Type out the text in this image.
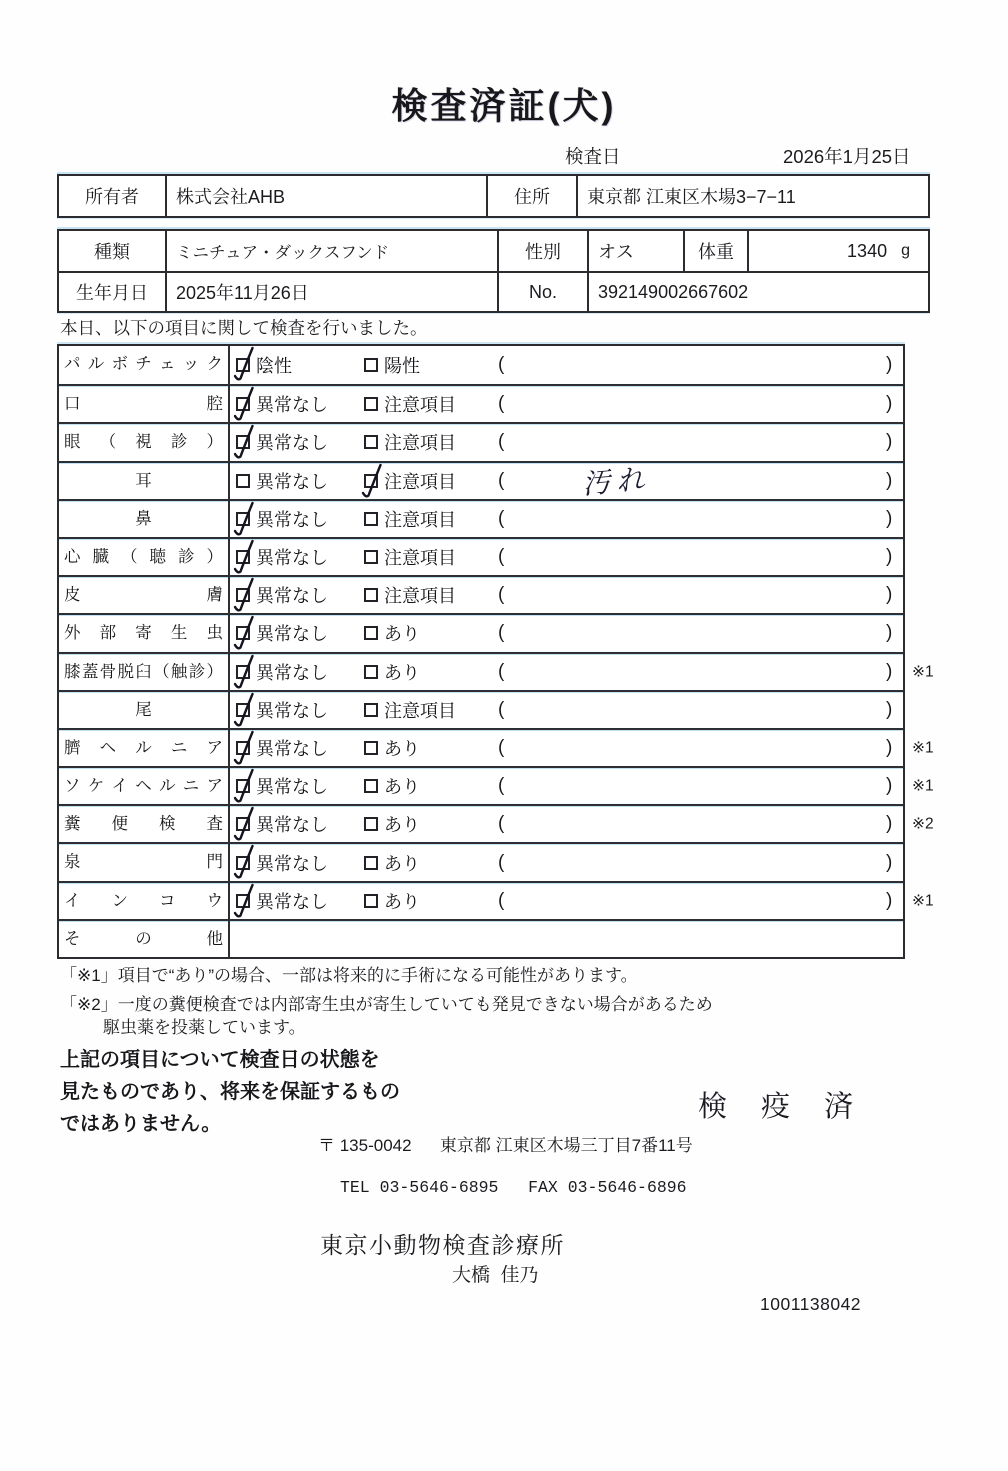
検査済証(犬)
検査日	2026年1月25日
所有者	株式会社AHB	住所	東京都 江東区木場3−7−11
種類	ミニチュア・ダックスフンド	性別	オス	体重	1340 g
生年月日	2025年11月26日	No.	392149002667602
本日、以下の項目に関して検査を行いました。
パ ル ボ チ ェ ッ ク 陰性	陽性	(	)
口 腔 異常なし	注意項目 (	)
眼 （ 視 診 ） 異常なし	注意項目 (	)
耳	異常なし	注意項目 (	汚れ	)
鼻	異常なし	注意項目 (	)
心 臓 （ 聴 診 ） 異常なし	注意項目 (	)
皮 膚 異常なし	注意項目 (	)
外 部 寄 生 虫 異常なし	あり	(	)
膝蓋骨脱臼（触診） 異常なし	あり	(	) ※1
尾	異常なし	注意項目 (	)
臍 ヘ ル ニ ア 異常なし	あり	(	) ※1
ソ ケ イ ヘ ル ニ ア 異常なし	あり	(	) ※1
糞 便 検 査 異常なし	あり	(	) ※2
泉 門 異常なし	あり	(	)
イ ン コ ウ 異常なし	あり	(	) ※1
そ の 他
「※1」項目で“あり”の場合、一部は将来的に手術になる可能性があります。
「※2」一度の糞便検査では内部寄生虫が寄生していても発見できない場合があるため
駆虫薬を投薬しています。
上記の項目について検査日の状態を
見たものであり、将来を保証するもの
ではありません。
検 疫 済
〒 135-0042      東京都 江東区木場三丁目7番11号
TEL 03-5646-6895   FAX 03-5646-6896
東京小動物検査診療所
大橋  佳乃
1001138042
